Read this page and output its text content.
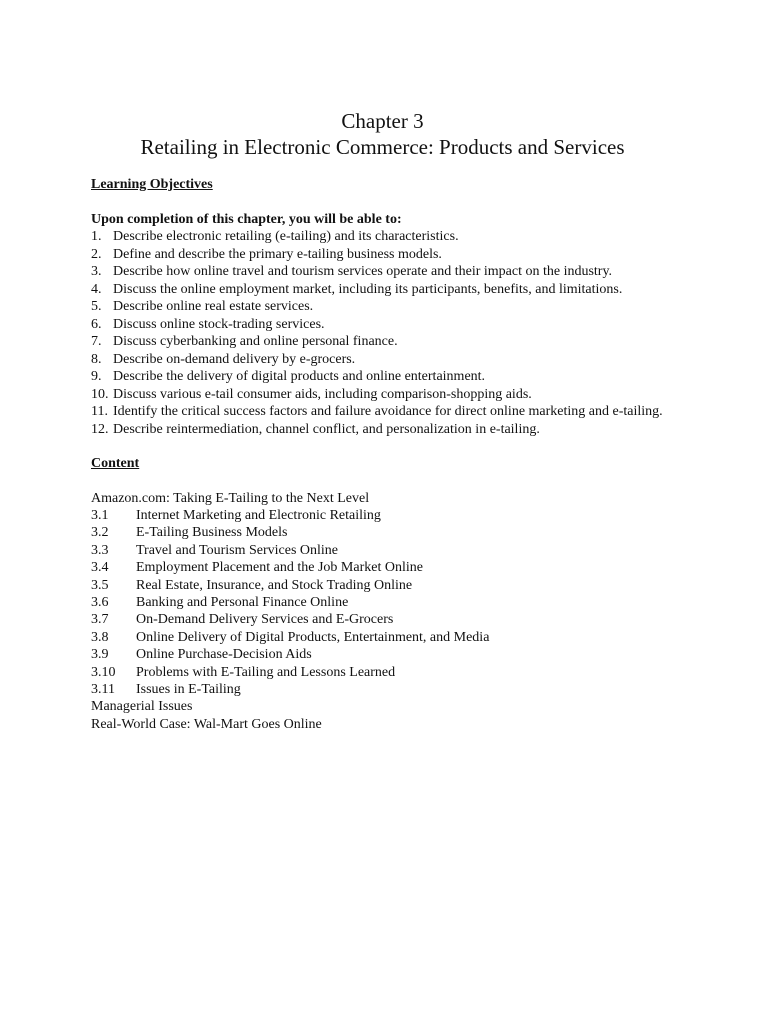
Chapter 3
Retailing in Electronic Commerce: Products and Services
Learning Objectives
Upon completion of this chapter, you will be able to:
1. Describe electronic retailing (e-tailing) and its characteristics.
2. Define and describe the primary e-tailing business models.
3. Describe how online travel and tourism services operate and their impact on the industry.
4. Discuss the online employment market, including its participants, benefits, and limitations.
5. Describe online real estate services.
6. Discuss online stock-trading services.
7. Discuss cyberbanking and online personal finance.
8. Describe on-demand delivery by e-grocers.
9. Describe the delivery of digital products and online entertainment.
10. Discuss various e-tail consumer aids, including comparison-shopping aids.
11. Identify the critical success factors and failure avoidance for direct online marketing and e-tailing.
12. Describe reintermediation, channel conflict, and personalization in e-tailing.
Content
Amazon.com: Taking E-Tailing to the Next Level
3.1	Internet Marketing and Electronic Retailing
3.2	E-Tailing Business Models
3.3	Travel and Tourism Services Online
3.4	Employment Placement and the Job Market Online
3.5	Real Estate, Insurance, and Stock Trading Online
3.6	Banking and Personal Finance Online
3.7	On-Demand Delivery Services and E-Grocers
3.8	Online Delivery of Digital Products, Entertainment, and Media
3.9	Online Purchase-Decision Aids
3.10	Problems with E-Tailing and Lessons Learned
3.11	Issues in E-Tailing
Managerial Issues
Real-World Case: Wal-Mart Goes Online
